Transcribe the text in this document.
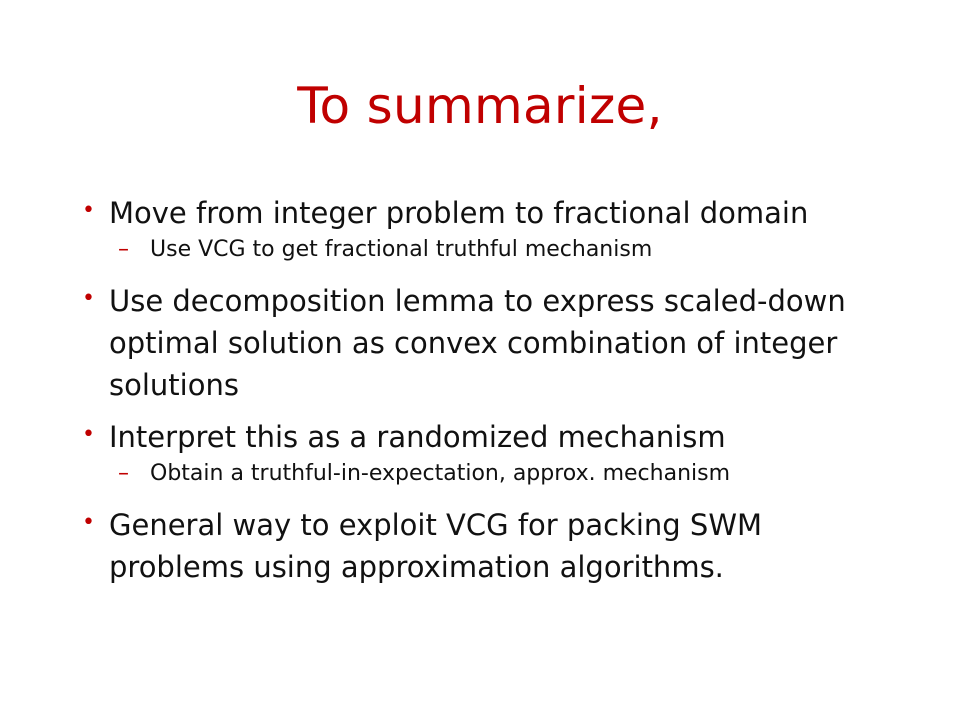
To summarize,
• Move from integer problem to fractional domain
– Use VCG to get fractional truthful mechanism
• Use decomposition lemma to express scaled-down optimal solution as convex combination of integer solutions
• Interpret this as a randomized mechanism
– Obtain a truthful-in-expectation, approx. mechanism
• General way to exploit VCG for packing SWM problems using approximation algorithms.
